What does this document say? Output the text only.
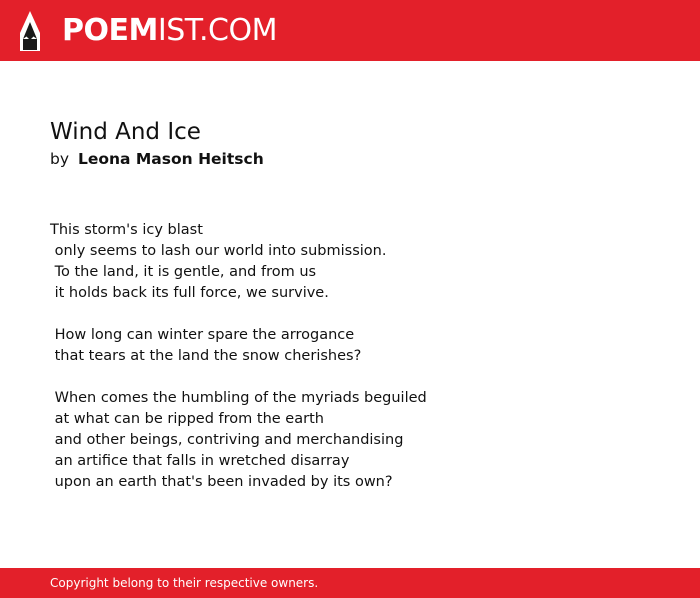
POEMIST.COM
Wind And Ice
by Leona Mason Heitsch
This storm's icy blast
only seems to lash our world into submission.
To the land, it is gentle, and from us
it holds back its full force, we survive.
How long can winter spare the arrogance
that tears at the land the snow cherishes?
When comes the humbling of the myriads beguiled
at what can be ripped from the earth
and other beings, contriving and merchandising
an artifice that falls in wretched disarray
upon an earth that's been invaded by its own?
Copyright belong to their respective owners.
